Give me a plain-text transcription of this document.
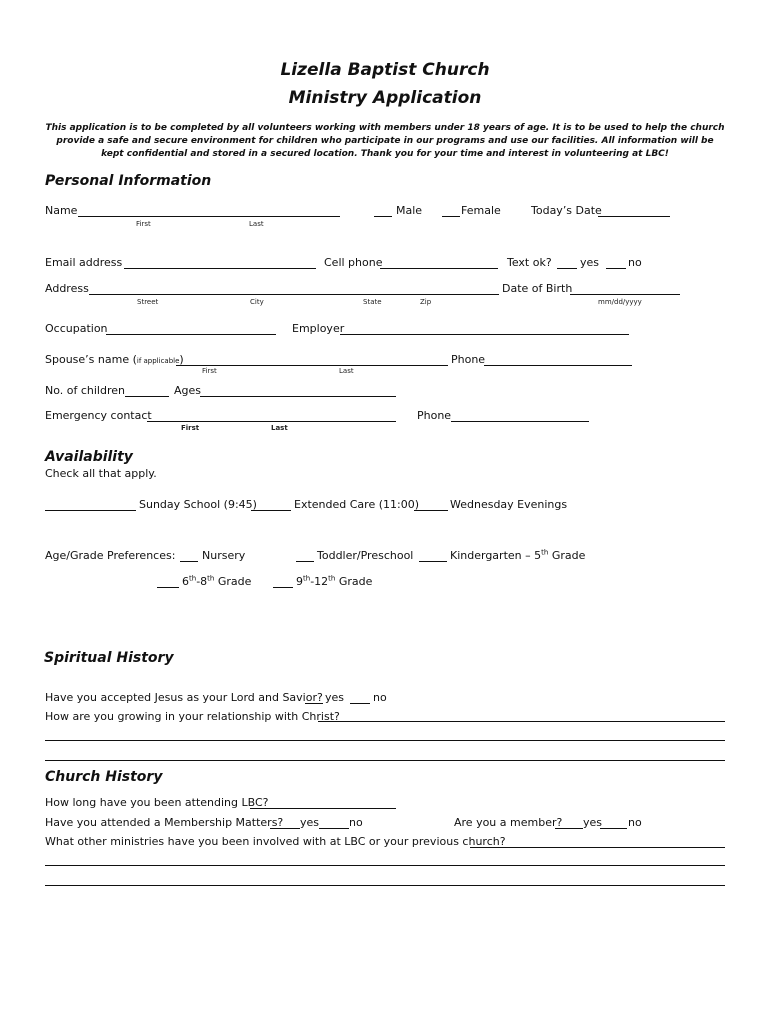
Lizella Baptist Church
Ministry Application
This application is to be completed by all volunteers working with members under 18 years of age. It is to be used to help the church provide a safe and secure environment for children who participate in our programs and use our facilities. All information will be kept confidential and stored in a secured location. Thank you for your time and interest in volunteering at LBC!
Personal Information
Name
First	Last
Male	Female	Today’s Date
Email address	Cell phone	Text ok?	yes	no
Address
Street	City	State	Zip
Date of Birth
mm/dd/yyyy
Occupation	Employer
Spouse’s name (if applicable)
First	Last
Phone
No. of children	Ages
Emergency contact
First	Last
Phone
Availability
Check all that apply.
Sunday School (9:45)	Extended Care (11:00)	Wednesday Evenings
Age/Grade Preferences: Nursery	Toddler/Preschool	Kindergarten – 5th Grade
6th-8th Grade	9th-12th Grade
Spiritual History
Have you accepted Jesus as your Lord and Savior? yes	no
How are you growing in your relationship with Christ?
Church History
How long have you been attending LBC?
Have you attended a Membership Matters? yes	no	Are you a member? yes no
What other ministries have you been involved with at LBC or your previous church?
